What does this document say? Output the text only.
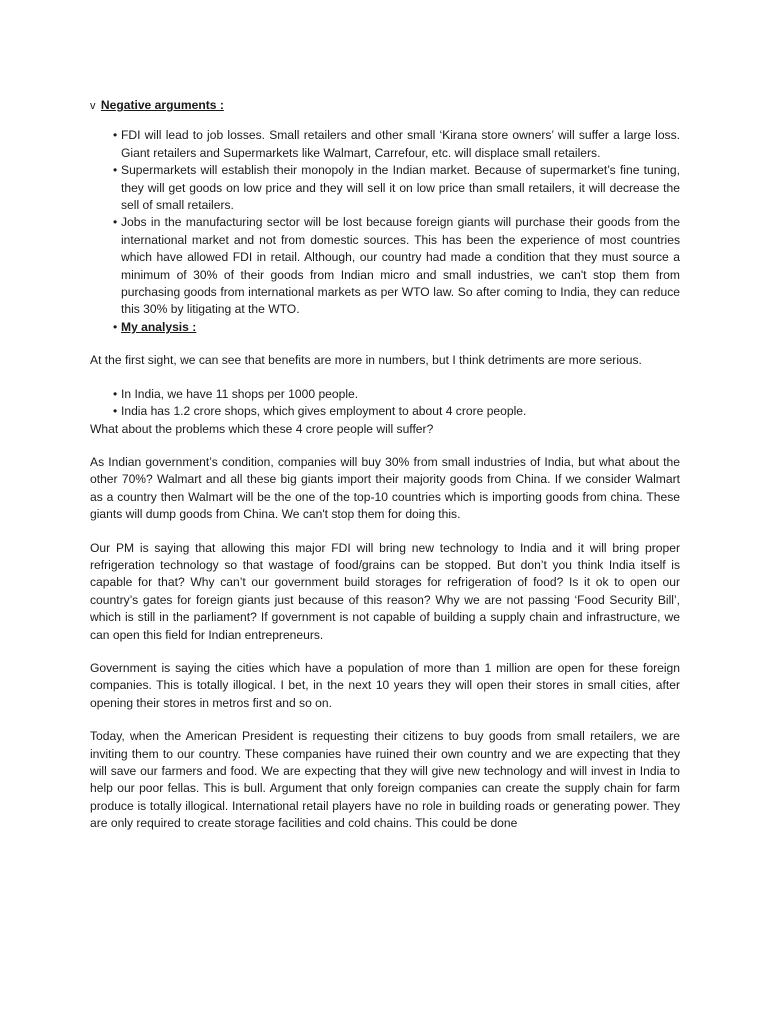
v Negative arguments :
• FDI will lead to job losses. Small retailers and other small ‘Kirana store owners’ will suffer a large loss. Giant retailers and Supermarkets like Walmart, Carrefour, etc. will displace small retailers.
• Supermarkets will establish their monopoly in the Indian market. Because of supermarket’s fine tuning, they will get goods on low price and they will sell it on low price than small retailers, it will decrease the sell of small retailers.
• Jobs in the manufacturing sector will be lost because foreign giants will purchase their goods from the international market and not from domestic sources. This has been the experience of most countries which have allowed FDI in retail. Although, our country had made a condition that they must source a minimum of 30% of their goods from Indian micro and small industries, we can't stop them from purchasing goods from international markets as per WTO law. So after coming to India, they can reduce this 30% by litigating at the WTO.
• My analysis :

At the first sight, we can see that benefits are more in numbers, but I think detriments are more serious.

• In India, we have 11 shops per 1000 people.
• India has 1.2 crore shops, which gives employment to about 4 crore people.

What about the problems which these 4 crore people will suffer?

As Indian government’s condition, companies will buy 30% from small industries of India, but what about the other 70%? Walmart and all these big giants import their majority goods from China. If we consider Walmart as a country then Walmart will be the one of the top-10 countries which is importing goods from china. These giants will dump goods from China. We can't stop them for doing this.

Our PM is saying that allowing this major FDI will bring new technology to India and it will bring proper refrigeration technology so that wastage of food/grains can be stopped. But don’t you think India itself is capable for that? Why can’t our government build storages for refrigeration of food? Is it ok to open our country’s gates for foreign giants just because of this reason? Why we are not passing ‘Food Security Bill’, which is still in the parliament? If government is not capable of building a supply chain and infrastructure, we can open this field for Indian entrepreneurs.

Government is saying the cities which have a population of more than 1 million are open for these foreign companies. This is totally illogical. I bet, in the next 10 years they will open their stores in small cities, after opening their stores in metros first and so on.

Today, when the American President is requesting their citizens to buy goods from small retailers, we are inviting them to our country. These companies have ruined their own country and we are expecting that they will save our farmers and food. We are expecting that they will give new technology and will invest in India to help our poor fellas. This is bull. Argument that only foreign companies can create the supply chain for farm produce is totally illogical. International retail players have no role in building roads or generating power. They are only required to create storage facilities and cold chains. This could be done
